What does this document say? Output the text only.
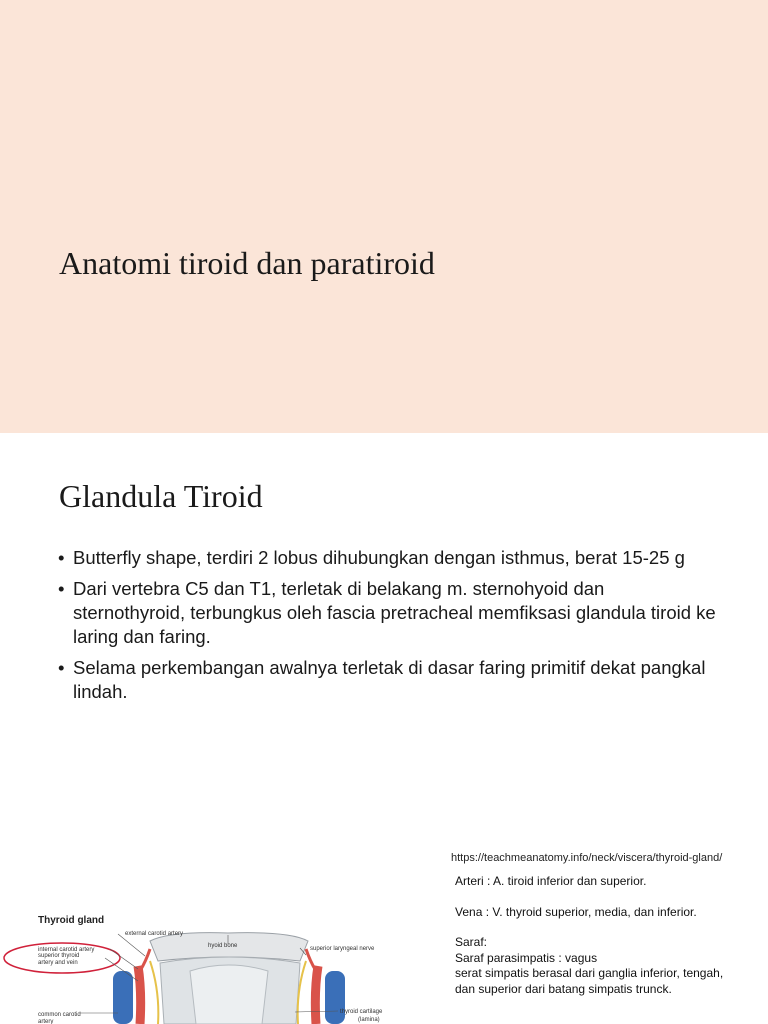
Anatomi tiroid dan paratiroid
Glandula Tiroid
• Butterfly shape, terdiri 2 lobus dihubungkan dengan isthmus, berat 15-25 g
• Dari vertebra C5 dan T1, terletak di belakang m. sternohyoid dan sternothyroid, terbungkus oleh fascia pretracheal memfiksasi glandula tiroid ke laring dan faring.
• Selama perkembangan awalnya terletak di dasar faring primitif dekat pangkal lindah.
https://teachmeanatomy.info/neck/viscera/thyroid-gland/
Arteri : A. tiroid inferior dan superior.
Vena : V. thyroid superior, media, dan inferior.
Saraf:
Saraf parasimpatis : vagus
serat simpatis berasal dari ganglia inferior, tengah,
dan superior dari batang simpatis trunck.
Thyroid gland
external carotid artery
internal carotid artery
hyoid bone	superior laryngeal nerve
superior thyroid
artery and vein
thyroid cartilage
(lamina)
common carotid
artery
